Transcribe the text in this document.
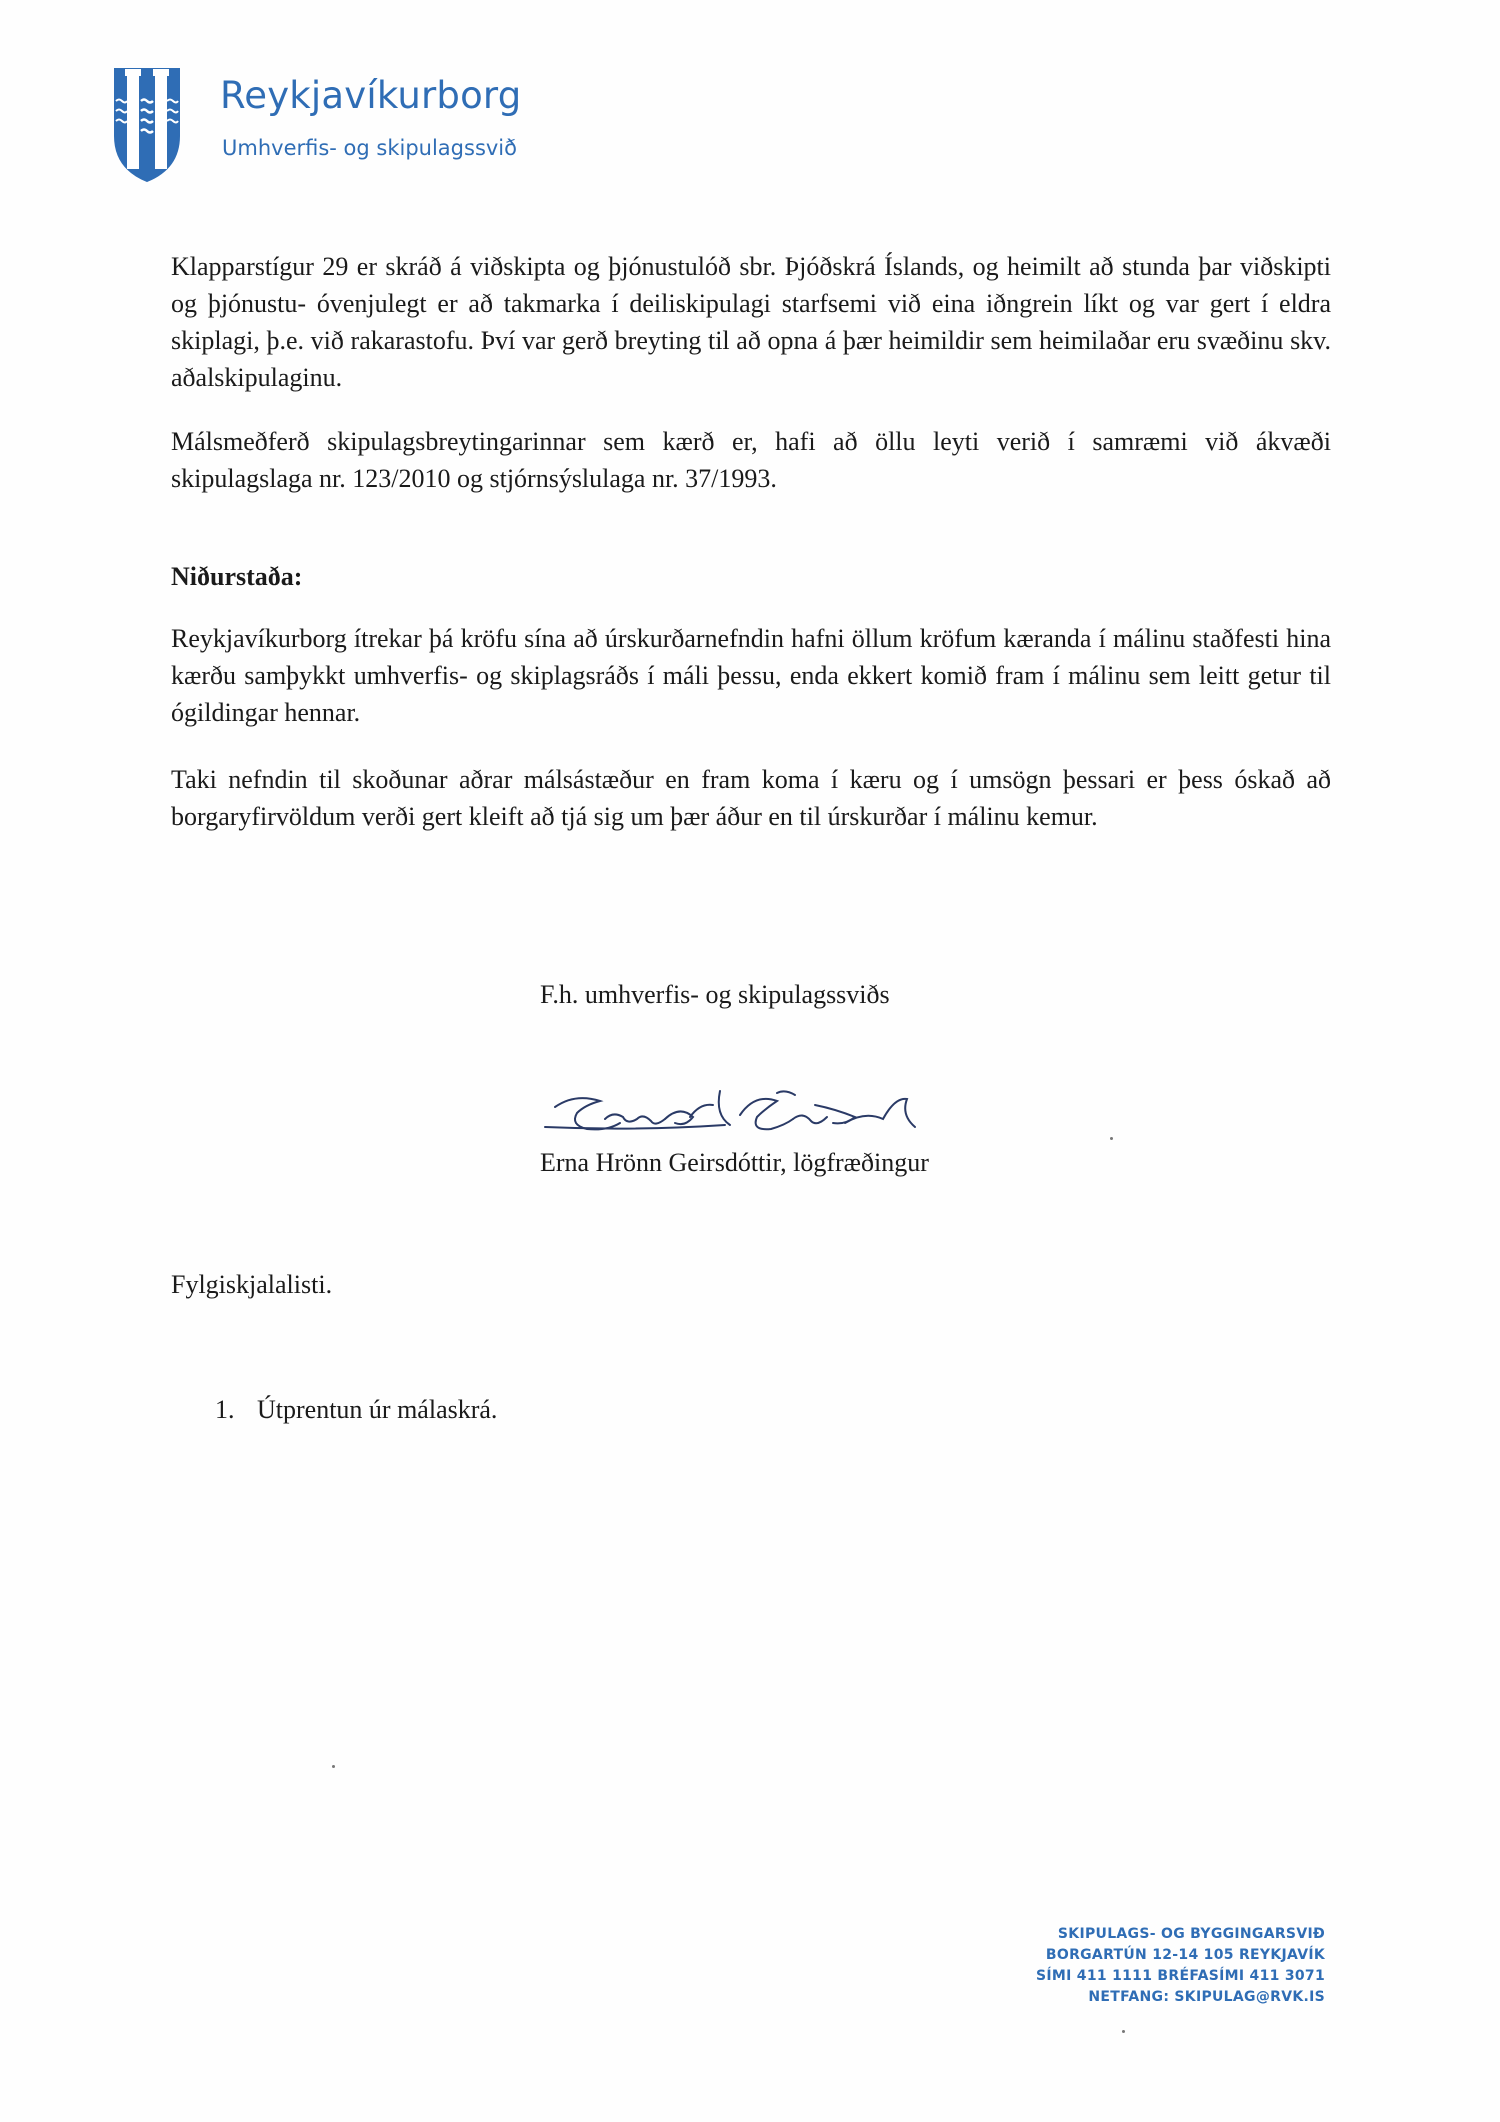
Reykjavíkurborg
Umhverfis- og skipulagssvið

Klapparstígur 29 er skráð á viðskipta og þjónustulóð sbr. Þjóðskrá Íslands, og heimilt að stunda þar viðskipti og þjónustu- óvenjulegt er að takmarka í deiliskipulagi starfsemi við eina iðngrein líkt og var gert í eldra skiplagi, þ.e. við rakarastofu. Því var gerð breyting til að opna á þær heimildir sem heimilaðar eru svæðinu skv. aðalskipulaginu.

Málsmeðferð skipulagsbreytingarinnar sem kærð er, hafi að öllu leyti verið í samræmi við ákvæði skipulagslaga nr. 123/2010 og stjórnsýslulaga nr. 37/1993.

Niðurstaða:

Reykjavíkurborg ítrekar þá kröfu sína að úrskurðarnefndin hafni öllum kröfum kæranda í málinu staðfesti hina kærðu samþykkt umhverfis- og skiplagsráðs í máli þessu, enda ekkert komið fram í málinu sem leitt getur til ógildingar hennar.

Taki nefndin til skoðunar aðrar málsástæður en fram koma í kæru og í umsögn þessari er þess óskað að borgaryfirvöldum verði gert kleift að tjá sig um þær áður en til úrskurðar í málinu kemur.

F.h. umhverfis- og skipulagssviðs
Erna Hrönn Geirsdóttir, lögfræðingur
Fylgiskjalalisti.
1. Útprentun úr málaskrá.
SKIPULAGS- OG BYGGINGARSVIÐ
BORGARTÚN 12-14 105 REYKJAVÍK
SÍMI 411 1111 BRÉFASÍMI 411 3071
NETFANG: SKIPULAG@RVK.IS
